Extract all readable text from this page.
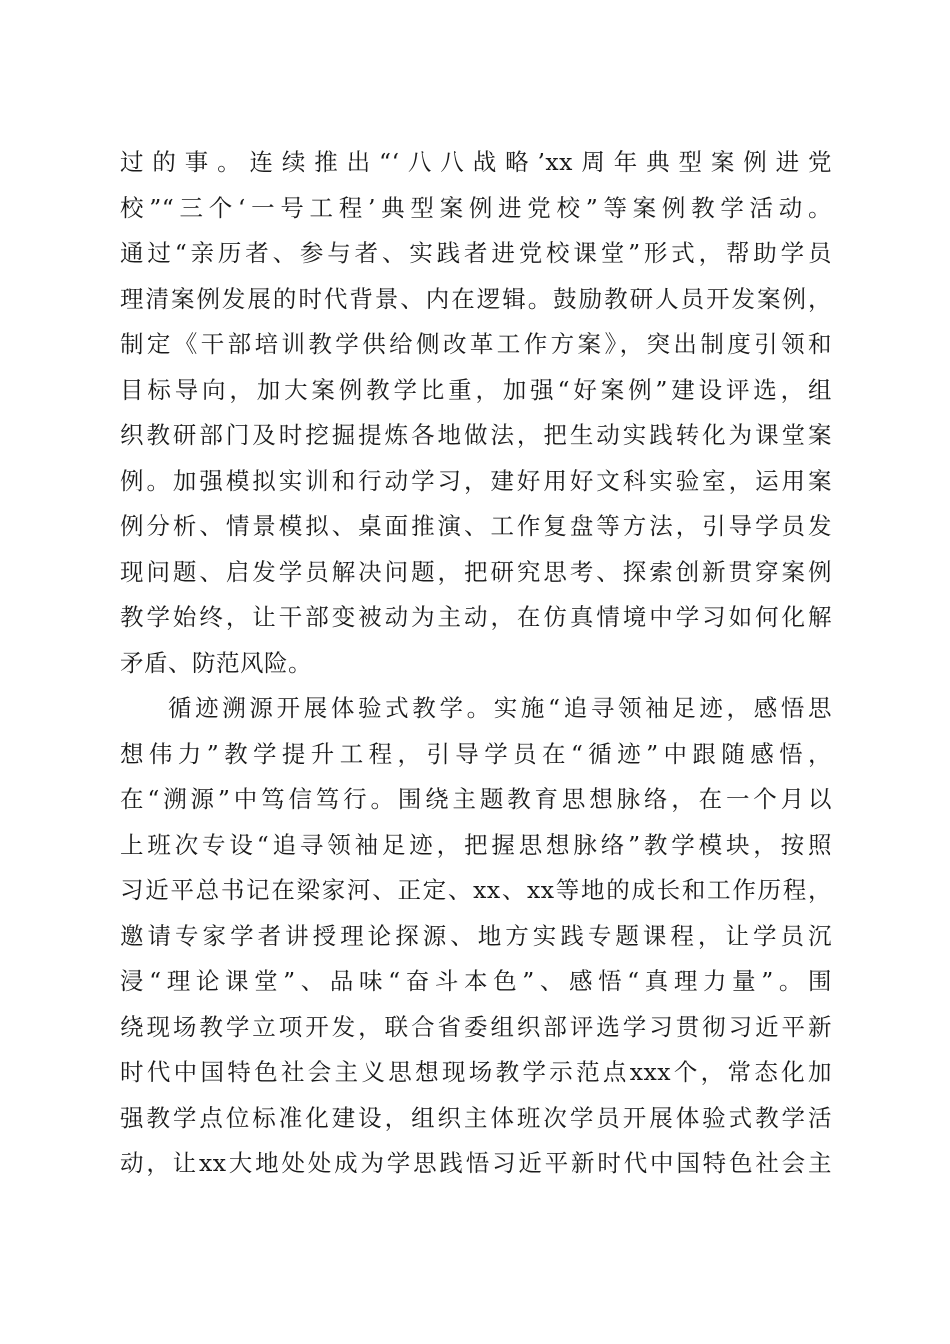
过的事。连续推出“‘八八战略’xx周年典型案例进党
校”“三个‘一号工程’典型案例进党校”等案例教学活动。
通过“亲历者、参与者、实践者进党校课堂”形式，帮助学员
理清案例发展的时代背景、内在逻辑。鼓励教研人员开发案例，
制定《干部培训教学供给侧改革工作方案》，突出制度引领和
目标导向，加大案例教学比重，加强“好案例”建设评选，组
织教研部门及时挖掘提炼各地做法，把生动实践转化为课堂案
例。加强模拟实训和行动学习，建好用好文科实验室，运用案
例分析、情景模拟、桌面推演、工作复盘等方法，引导学员发
现问题、启发学员解决问题，把研究思考、探索创新贯穿案例
教学始终，让干部变被动为主动，在仿真情境中学习如何化解
矛盾、防范风险。
循迹溯源开展体验式教学。实施“追寻领袖足迹，感悟思
想伟力”教学提升工程，引导学员在“循迹”中跟随感悟，
在“溯源”中笃信笃行。围绕主题教育思想脉络，在一个月以
上班次专设“追寻领袖足迹，把握思想脉络”教学模块，按照
习近平总书记在梁家河、正定、xx、xx等地的成长和工作历程，
邀请专家学者讲授理论探源、地方实践专题课程，让学员沉
浸“理论课堂”、品味“奋斗本色”、感悟“真理力量”。围
绕现场教学立项开发，联合省委组织部评选学习贯彻习近平新
时代中国特色社会主义思想现场教学示范点xxx个，常态化加
强教学点位标准化建设，组织主体班次学员开展体验式教学活
动，让xx大地处处成为学思践悟习近平新时代中国特色社会主
